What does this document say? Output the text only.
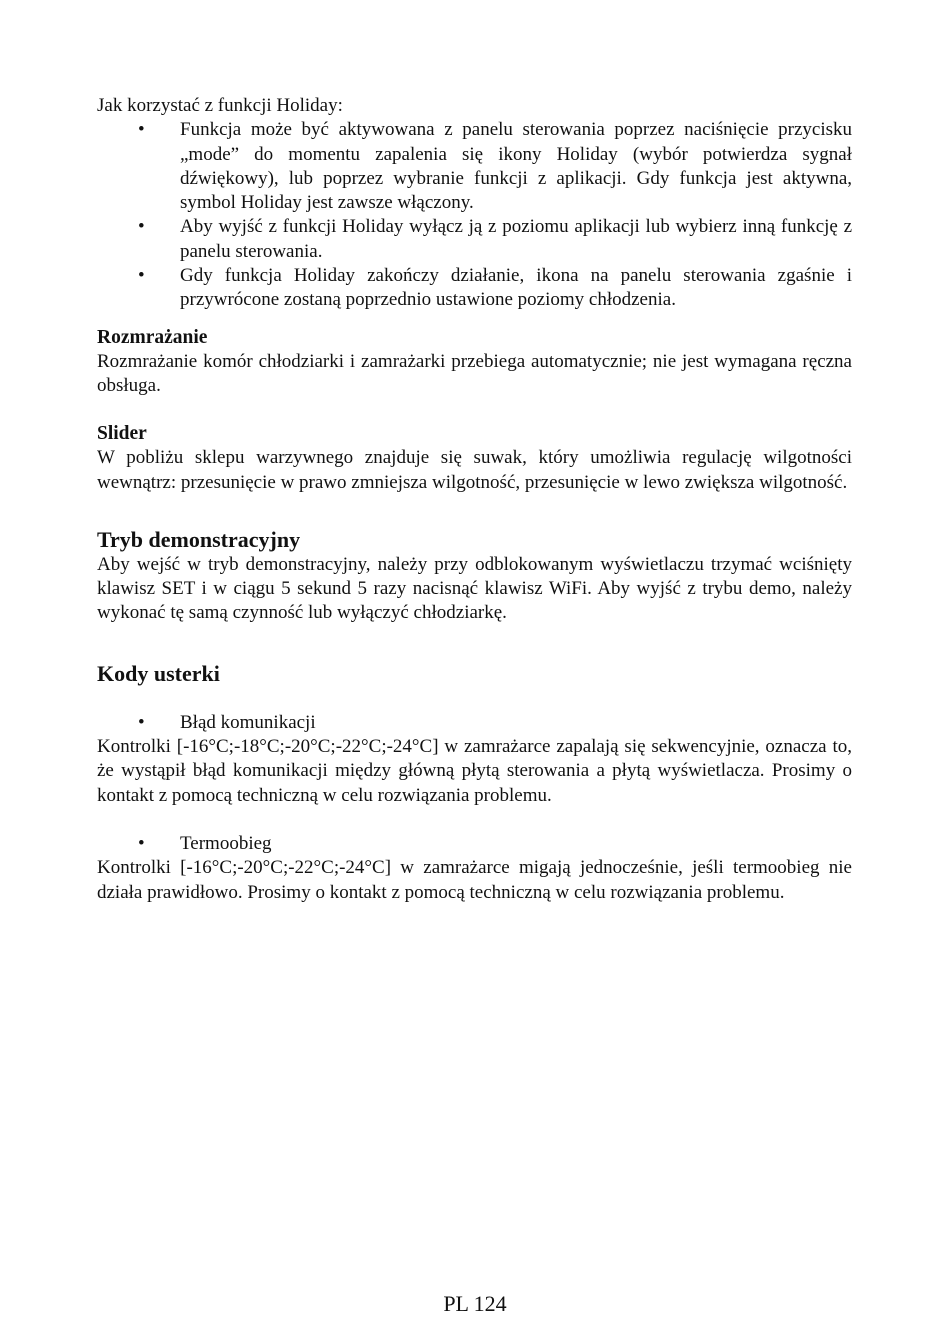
Jak korzystać z funkcji Holiday:

• Funkcja może być aktywowana z panelu sterowania poprzez naciśnięcie przycisku „mode” do momentu zapalenia się ikony Holiday (wybór potwierdza sygnał dźwiękowy), lub poprzez wybranie funkcji z aplikacji. Gdy funkcja jest aktywna, symbol Holiday jest zawsze włączony.
• Aby wyjść z funkcji Holiday wyłącz ją z poziomu aplikacji lub wybierz inną funkcję z panelu sterowania.
• Gdy funkcja Holiday zakończy działanie, ikona na panelu sterowania zgaśnie i przywrócone zostaną poprzednio ustawione poziomy chłodzenia.
Rozmrażanie

Rozmrażanie komór chłodziarki i zamrażarki przebiega automatycznie; nie jest wymagana ręczna obsługa.

Slider

W pobliżu sklepu warzywnego znajduje się suwak, który umożliwia regulację wilgotności wewnątrz: przesunięcie w prawo zmniejsza wilgotność, przesunięcie w lewo zwiększa wilgotność.

Tryb demonstracyjny

Aby wejść w tryb demonstracyjny, należy przy odblokowanym wyświetlaczu trzymać wciśnięty klawisz SET i w ciągu 5 sekund 5 razy nacisnąć klawisz WiFi. Aby wyjść z trybu demo, należy wykonać tę samą czynność lub wyłączyć chłodziarkę.

Kody usterki
• Błąd komunikacji

Kontrolki [-16°C;-18°C;-20°C;-22°C;-24°C] w zamrażarce zapalają się sekwencyjnie, oznacza to, że wystąpił błąd komunikacji między główną płytą sterowania a płytą wyświetlacza. Prosimy o kontakt z pomocą techniczną w celu rozwiązania problemu.

• Termoobieg

Kontrolki [-16°C;-20°C;-22°C;-24°C] w zamrażarce migają jednocześnie, jeśli termoobieg nie działa prawidłowo. Prosimy o kontakt z pomocą techniczną w celu rozwiązania problemu.

PL 124
